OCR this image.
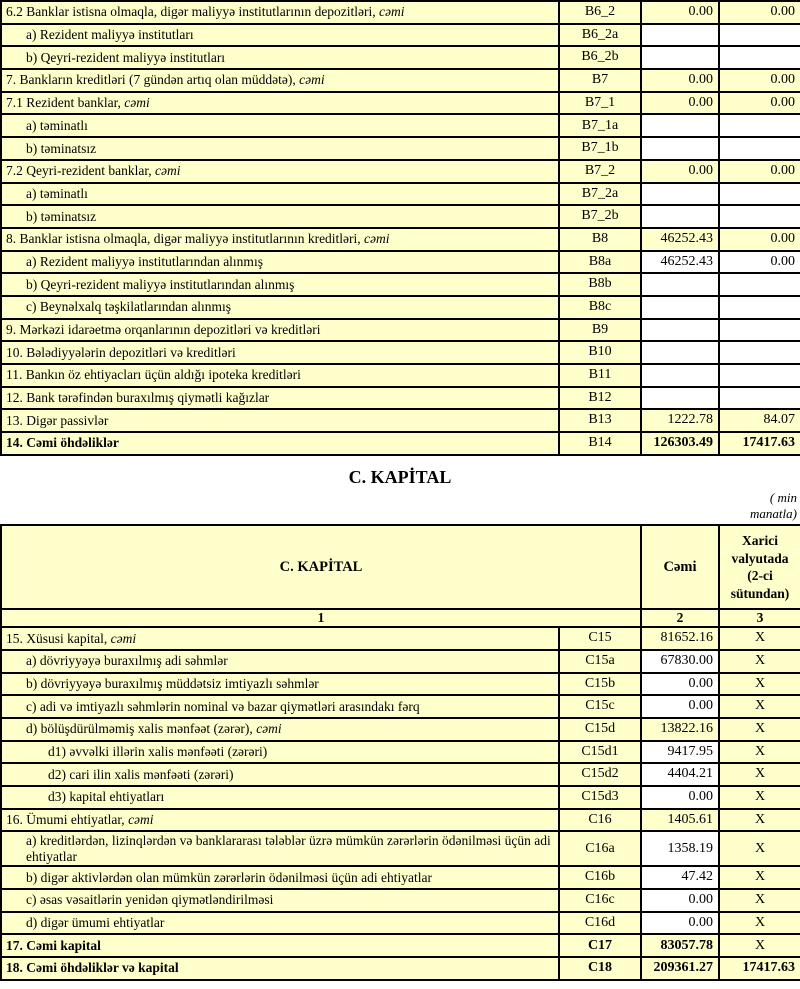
6.2 Banklar istisna olmaqla, digər maliyyə institutlarının depozitləri, cəmi	B6_2	0.00	0.00
a) Rezident maliyyə institutları	B6_2a		
b) Qeyri-rezident maliyyə institutları	B6_2b		
7. Bankların kreditləri (7 gündən artıq olan müddətə), cəmi	B7	0.00	0.00
7.1 Rezident banklar, cəmi	B7_1	0.00	0.00
a) təminatlı	B7_1a		
b) təminatsız	B7_1b		
7.2 Qeyri-rezident banklar, cəmi	B7_2	0.00	0.00
a) təminatlı	B7_2a		
b) təminatsız	B7_2b		
8. Banklar istisna olmaqla, digər maliyyə institutlarının kreditləri, cəmi	B8	46252.43	0.00
a) Rezident maliyyə institutlarından alınmış	B8a	46252.43	0.00
b) Qeyri-rezident maliyyə institutlarından alınmış	B8b		
c) Beynəlxalq təşkilatlarından alınmış	B8c		
9. Mərkəzi idarəetmə orqanlarının depozitləri və kreditləri	B9		
10. Bələdiyyələrin depozitləri və kreditləri	B10		
11. Bankın öz ehtiyacları üçün aldığı ipoteka kreditləri	B11		
12. Bank tərəfindən buraxılmış qiymətli kağızlar	B12		
13. Digər passivlər	B13	1222.78	84.07
14. Cəmi öhdəliklər	B14	126303.49	17417.63
C. KAPİTAL
( min
manatla)
C. KAPİTAL		Cəmi	Xarici valyutada (2-ci sütundan)
1		2	3
15. Xüsusi kapital, cəmi	C15	81652.16	X
a) dövriyyəyə buraxılmış adi səhmlər	C15a	67830.00	X
b) dövriyyəyə buraxılmış müddətsiz imtiyazlı səhmlər	C15b	0.00	X
c) adi və imtiyazlı səhmlərin nominal və bazar qiymətləri arasındakı fərq	C15c	0.00	X
d) bölüşdürülməmiş xalis mənfəət (zərər), cəmi	C15d	13822.16	X
d1) əvvəlki illərin xalis mənfəəti (zərəri)	C15d1	9417.95	X
d2) cari ilin xalis mənfəəti (zərəri)	C15d2	4404.21	X
d3) kapital ehtiyatları	C15d3	0.00	X
16. Ümumi ehtiyatlar, cəmi	C16	1405.61	X
a) kreditlərdən, lizinqlərdən və banklararası tələblər üzrə mümkün zərərlərin ödənilməsi üçün adi ehtiyatlar	C16a	1358.19	X
b) digər aktivlərdən olan mümkün zərərlərin ödənilməsi üçün adi ehtiyatlar	C16b	47.42	X
c) əsas vəsaitlərin yenidən qiymətləndirilməsi	C16c	0.00	X
d) digər ümumi ehtiyatlar	C16d	0.00	X
17. Cəmi kapital	C17	83057.78	X
18. Cəmi öhdəliklər və kapital	C18	209361.27	17417.63
